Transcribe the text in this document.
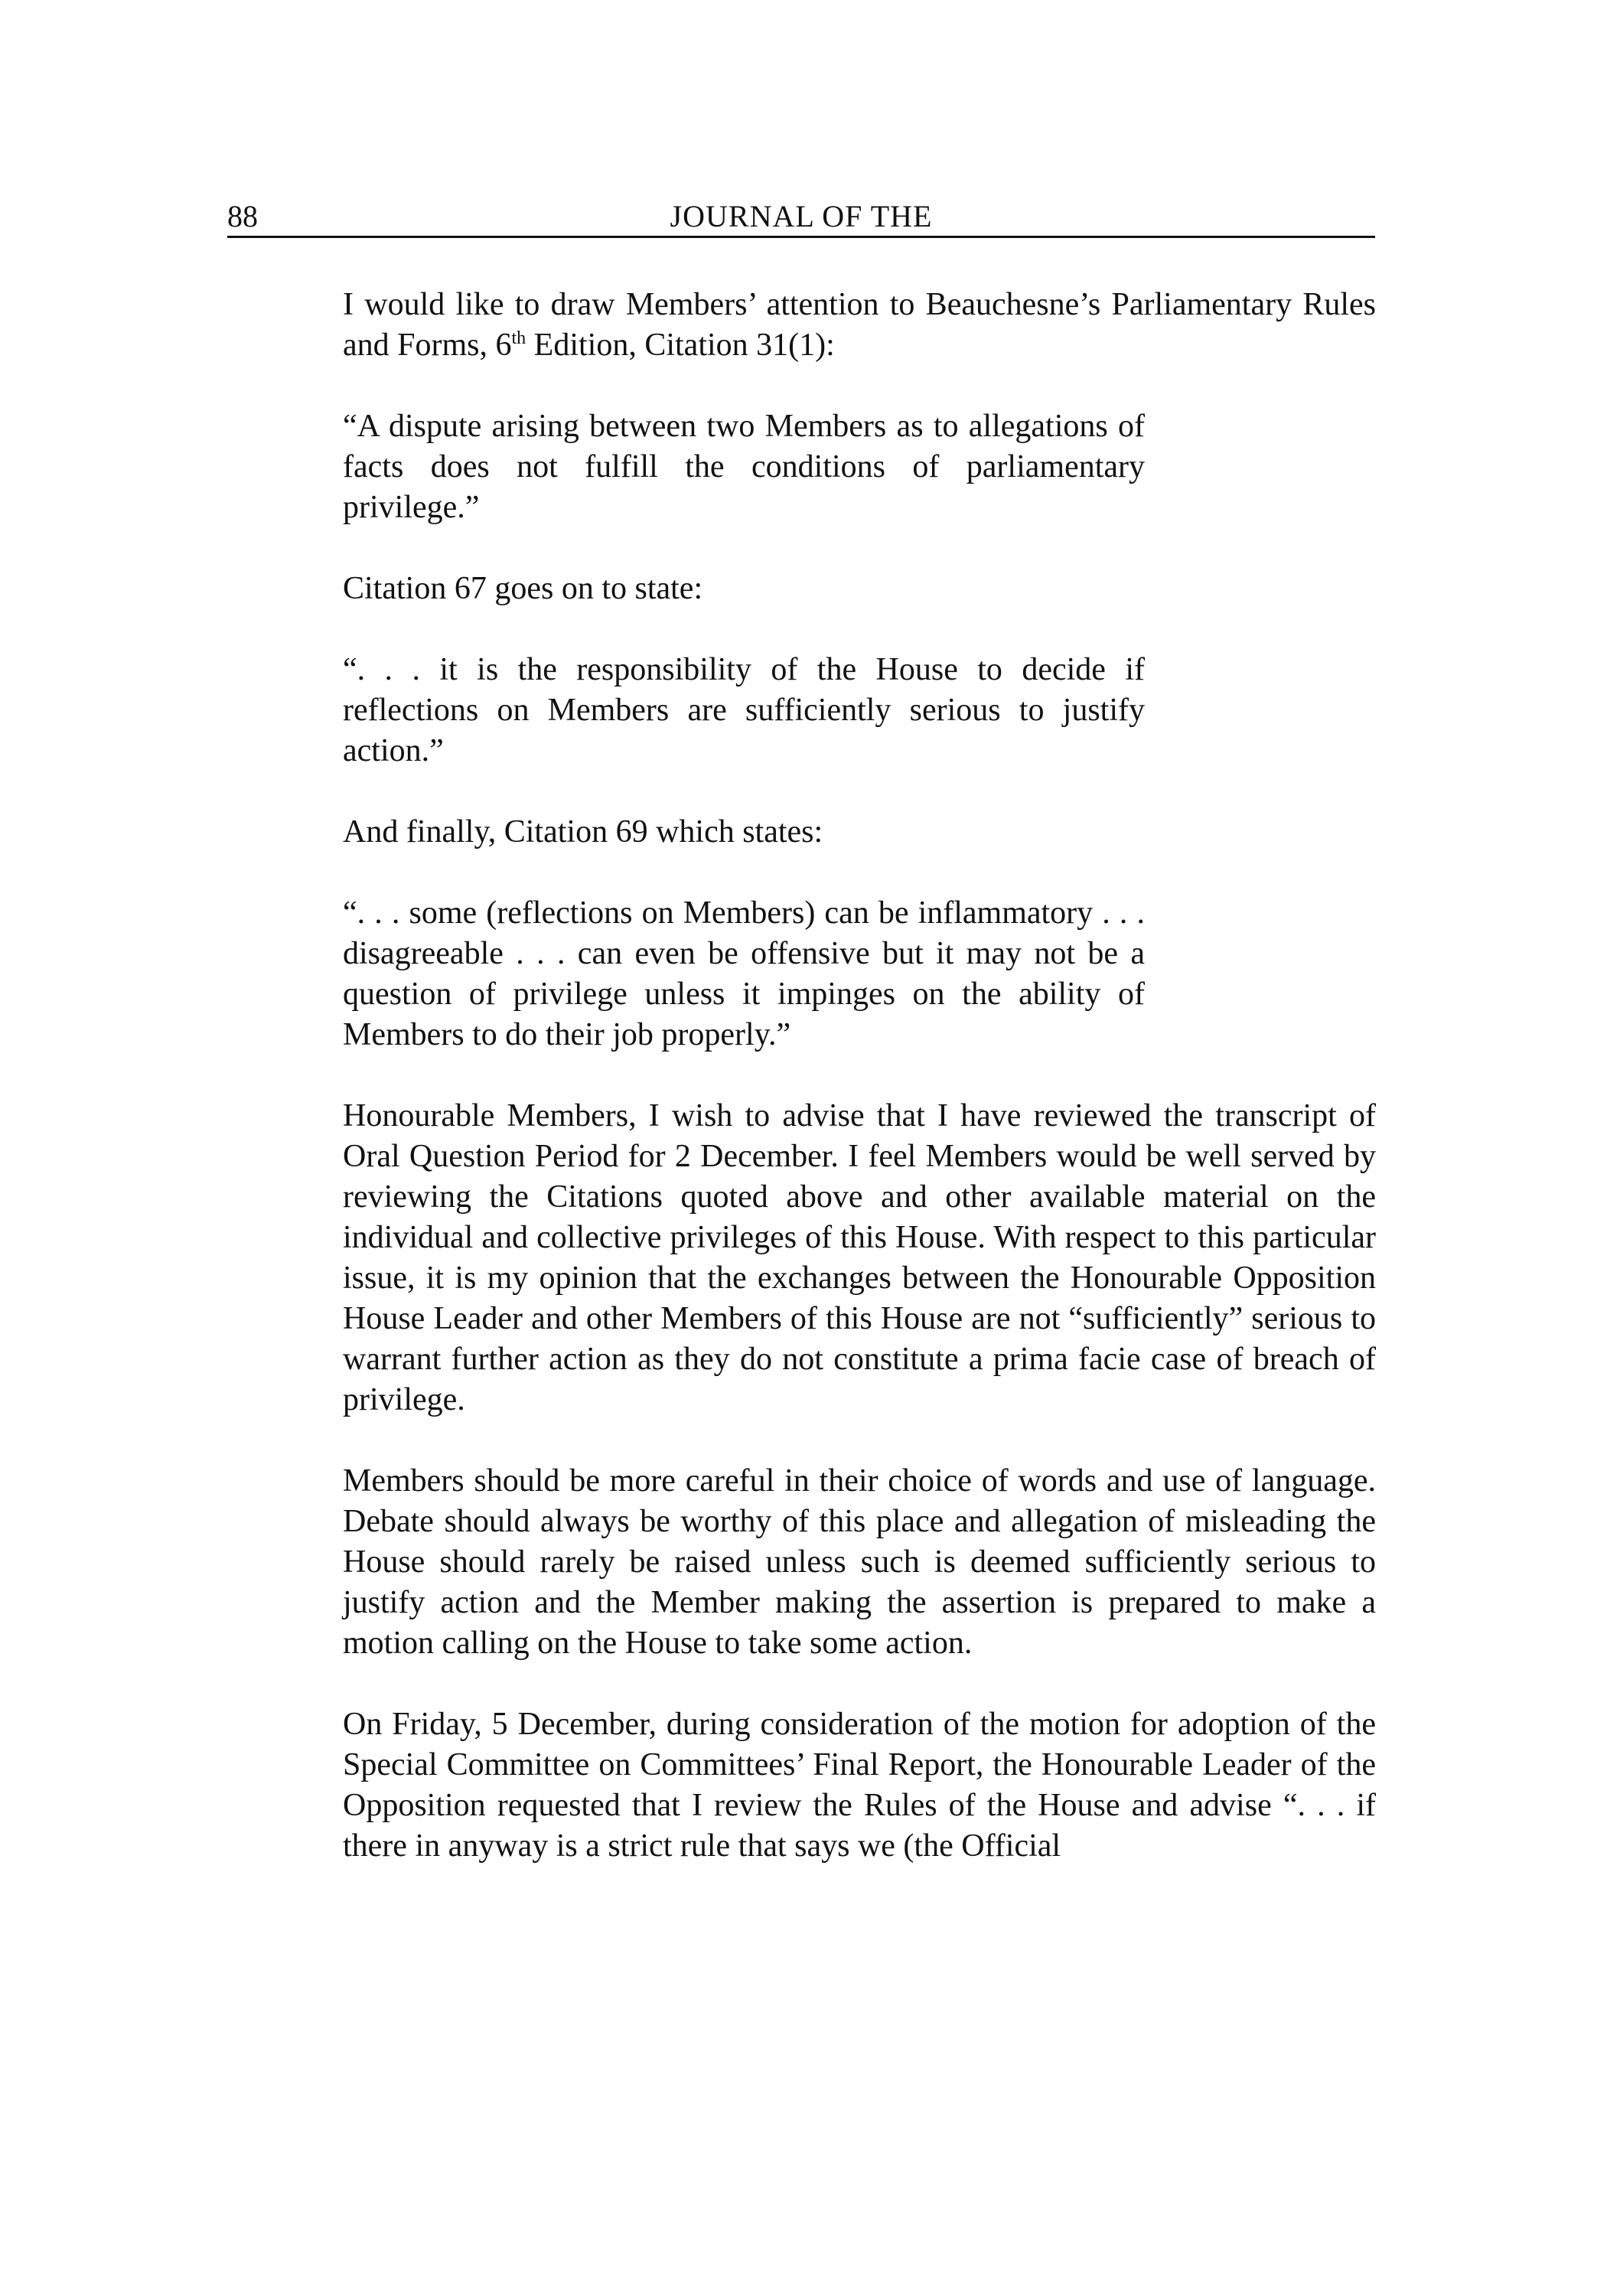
88	JOURNAL OF THE

I would like to draw Members’ attention to Beauchesne’s Parliamentary Rules and Forms, 6th Edition, Citation 31(1):

“A dispute arising between two Members as to allegations of facts does not fulfill the conditions of parliamentary privilege.”

Citation 67 goes on to state:

“. . . it is the responsibility of the House to decide if reflections on Members are sufficiently serious to justify action.”

And finally, Citation 69 which states:

“. . . some (reflections on Members) can be inflammatory . . . disagreeable . . . can even be offensive but it may not be a question of privilege unless it impinges on the ability of Members to do their job properly.”

Honourable Members, I wish to advise that I have reviewed the transcript of Oral Question Period for 2 December. I feel Members would be well served by reviewing the Citations quoted above and other available material on the individual and collective privileges of this House. With respect to this particular issue, it is my opinion that the exchanges between the Honourable Opposition House Leader and other Members of this House are not “sufficiently” serious to warrant further action as they do not constitute a prima facie case of breach of privilege.

Members should be more careful in their choice of words and use of language. Debate should always be worthy of this place and allegation of misleading the House should rarely be raised unless such is deemed sufficiently serious to justify action and the Member making the assertion is prepared to make a motion calling on the House to take some action.

On Friday, 5 December, during consideration of the motion for adoption of the Special Committee on Committees’ Final Report, the Honourable Leader of the Opposition requested that I review the Rules of the House and advise “. . . if there in anyway is a strict rule that says we (the Official
